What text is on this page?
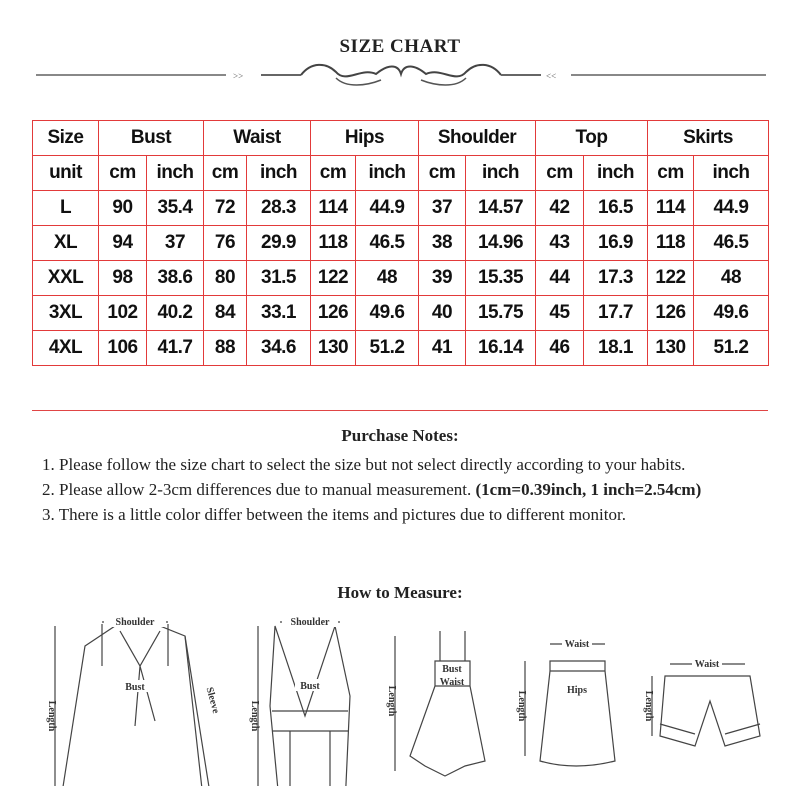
SIZE CHART
>>	<<
Size	Bust		Waist		Hips		Shoulder		Top		Skirts	
unit	cm	inch	cm	inch	cm	inch	cm	inch	cm	inch	cm	inch
L	90	35.4	72	28.3	114	44.9	37	14.57	42	16.5	114	44.9
XL	94	37	76	29.9	118	46.5	38	14.96	43	16.9	118	46.5
XXL	98	38.6	80	31.5	122	48	39	15.35	44	17.3	122	48
3XL	102	40.2	84	33.1	126	49.6	40	15.75	45	17.7	126	49.6
4XL	106	41.7	88	34.6	130	51.2	41	16.14	46	18.1	130	51.2
Purchase Notes:

1. Please follow the size chart to select the size but not select directly according to your habits.

2. Please allow 2-3cm differences due to manual measurement. (1cm=0.39inch, 1 inch=2.54cm)

3. There is a little color differ between the items and pictures due to different monitor.

How to Measure:
Shoulder
Bust
Length
Sleeve
Shoulder
Bust
Length
Bust
Waist
Length
Waist
Hips
Length
Waist
Length
